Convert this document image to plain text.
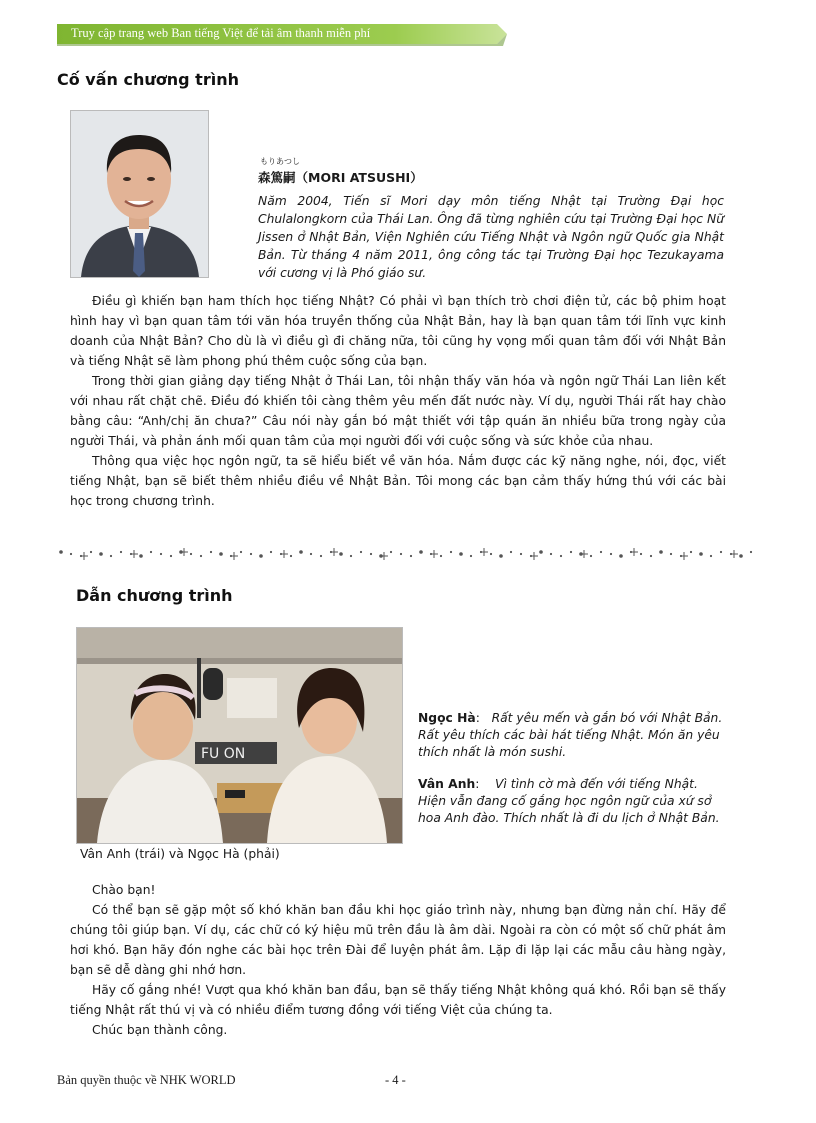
Truy cập trang web Ban tiếng Việt để tải âm thanh miễn phí
Cố vấn chương trình
もりあつし
森篤嗣（MORI ATSUSHI）

Năm 2004, Tiến sĩ Mori dạy môn tiếng Nhật tại Trường Đại học Chulalongkorn của Thái Lan. Ông đã từng nghiên cứu tại Trường Đại học Nữ Jissen ở Nhật Bản, Viện Nghiên cứu Tiếng Nhật và Ngôn ngữ Quốc gia Nhật Bản. Từ tháng 4 năm 2011, ông công tác tại Trường Đại học Tezukayama với cương vị là Phó giáo sư.

Điều gì khiến bạn ham thích học tiếng Nhật? Có phải vì bạn thích trò chơi điện tử, các bộ phim hoạt hình hay vì bạn quan tâm tới văn hóa truyền thống của Nhật Bản, hay là bạn quan tâm tới lĩnh vực kinh doanh của Nhật Bản? Cho dù là vì điều gì đi chăng nữa, tôi cũng hy vọng mối quan tâm đối với Nhật Bản và tiếng Nhật sẽ làm phong phú thêm cuộc sống của bạn.

Trong thời gian giảng dạy tiếng Nhật ở Thái Lan, tôi nhận thấy văn hóa và ngôn ngữ Thái Lan liên kết với nhau rất chặt chẽ. Điều đó khiến tôi càng thêm yêu mến đất nước này. Ví dụ, người Thái rất hay chào bằng câu: “Anh/chị ăn chưa?” Câu nói này gắn bó mật thiết với tập quán ăn nhiều bữa trong ngày của người Thái, và phản ánh mối quan tâm của mọi người đối với cuộc sống và sức khỏe của nhau.

Thông qua việc học ngôn ngữ, ta sẽ hiểu biết về văn hóa. Nắm được các kỹ năng nghe, nói, đọc, viết tiếng Nhật, bạn sẽ biết thêm nhiều điều về Nhật Bản. Tôi mong các bạn cảm thấy hứng thú với các bài học trong chương trình.

Dẫn chương trình
FU ON
Vân Anh (trái) và Ngọc Hà (phải)

Ngọc Hà: Rất yêu mến và gắn bó với Nhật Bản. Rất yêu thích các bài hát tiếng Nhật. Món ăn yêu thích nhất là món sushi.

Vân Anh: Vì tình cờ mà đến với tiếng Nhật. Hiện vẫn đang cố gắng học ngôn ngữ của xứ sở hoa Anh đào. Thích nhất là đi du lịch ở Nhật Bản.

Chào bạn!

Có thể bạn sẽ gặp một số khó khăn ban đầu khi học giáo trình này, nhưng bạn đừng nản chí. Hãy để chúng tôi giúp bạn. Ví dụ, các chữ có ký hiệu mũ trên đầu là âm dài. Ngoài ra còn có một số chữ phát âm hơi khó. Bạn hãy đón nghe các bài học trên Đài để luyện phát âm. Lặp đi lặp lại các mẫu câu hàng ngày, bạn sẽ dễ dàng ghi nhớ hơn.

Hãy cố gắng nhé! Vượt qua khó khăn ban đầu, bạn sẽ thấy tiếng Nhật không quá khó. Rồi bạn sẽ thấy tiếng Nhật rất thú vị và có nhiều điểm tương đồng với tiếng Việt của chúng ta.

Chúc bạn thành công.

Bản quyền thuộc về NHK WORLD	- 4 -
